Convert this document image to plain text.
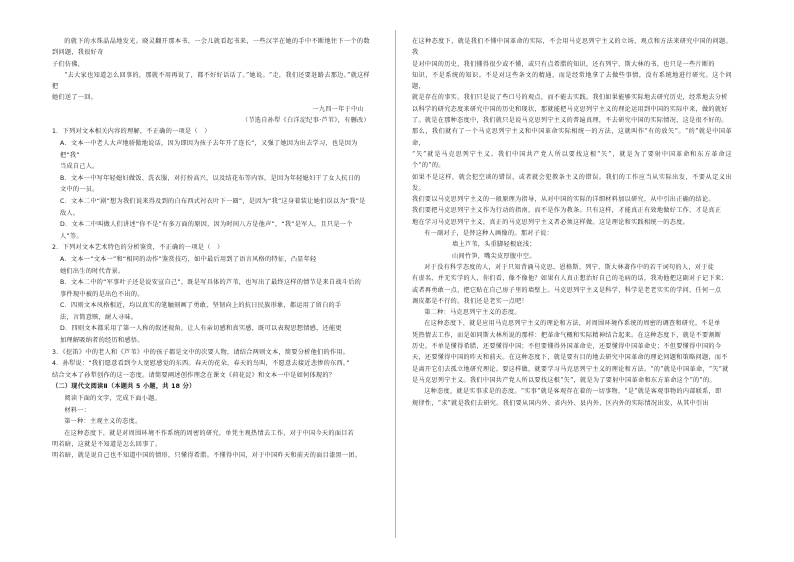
的就下的水珠晶晶地发光。晓灵翻开那本书，一会儿就看起书来，一些汉字在她的手中不断地往下一个的数到问题，我很好奇

子们仿佛，

“去大家也知道怎么回事的，那就不用再说了，都不好好话话了。”她说。“走，我们还要赶路去那边。”就这样把

她们送了一回。

一九四一年于中山

（节选自孙犁《白洋淀纪事·芦苇》，有删改）

1．下列对文本相关内容的理解，不正确的一项是（　）

A．文本一中老人大声地骄傲地说话，因为即因为孩子去年开了连长”，又强了她因为出去学习，也是因为把“我”

当成自己人。

B．文本一中写年轻媳妇做饭、洗衣服，对打扮高兴，以及结花布等内容，是因为年轻媳妇干了女人抗日的

文中的一员。

C．文本二中“剧”想为我们说来得及到的白布西式衬衣叶下一圈”，是因为“我”这身着装让她们误以为“我”是

敌人。

D．文本二中叫做人们讲述“你不是”有多万面的原因，因为时间八方是他声”，“我”是军人，且只是一个人”等。

2．下列对文本艺术特色的分析鉴赏，不正确的一项是（　）

A．文本一“文本一”和“相同的动作”鉴赏技巧，如中最后用到了语言风格的特征，凸显年轻

她们出生的时代背景。

B．文本二中的“军事叶子还是说安宣自己”，既是写具体的芦苇，也写出了最终这样的情节是来自战斗后的

事件现中被的是出色不出的。

C．四则文本风格相近，均以真实的笔触刻画了勇敢、坚韧向上的抗日民族形象，都运用了留白的手

法，言简意赅，耐人寻味。

D．四则文本都采用了第一人称的叙述视角，让人有亲切感和真实感，既可以表现思想情感，还能更

加理解吸纳者的经历和感悟。

3．《挖笛》中的老人和《芦苇》中的孩子都是文中的次要人物，请结合两则文本，简要分析他们的作用。

4．孙犁说：“我们愿意看到令人宽慰感觉的东西。春天的花朵，春天的鸟叫，不愿意去接近悲惨的东西。”

结合文本了孙犁创作的这一态度。请简要阐述创作理念在课文《荷花淀》和文本一中是如何体现的？

（二）现代文阅读Ⅱ（本题共 5 小题，共 18 分）

阅读下面的文字，完成下面小题。

材料一：

第一种：主观主义的态度。

在这种态度下，就是对周围环境不作系统的周密的研究，单凭主观热情去工作，对于中国今天的面目若

明若暗，这就是不知道是怎么回事了。

明若暗，就是说自己也不知道中国的情形，只懂得希腊。不懂得中国，对于中国昨天和前天的面目漆黑一团。

在这种态度下，就是我们不懂中国革命的实际，不会用马克思列宁主义的立场、观点和方法来研究中国的问题。我

是对中国的历史，我们懂得很少或不懂，或只有点希腊的知识，还有列宁、斯大林的书，也只是一些片断的

知识，不是系统的知识。不是对这些条文的精通，而是经常地拿了去做些事情，没有系统地进行研究。这个问题，

就是存在的事实，我们只是说了些口号的观点，而不能去实践。我们如果能够实际地去研究历史，经常地去分析

以科学的研究态度来研究中国的历史和现状，那就能把马克思列宁主义的理论运用到中国的实际中来，做的就好

了。就是在那种态度中，我们就只是说马克思列宁主义的普遍真理，不去研究中国的实际情况，这是很不好的。

那么，我们就有了一个马克思列宁主义和中国革命实际相统一的方法，这就叫作“有的放矢”。“的”就是中国革命，

“矢”就是马克思列宁主义。我们中国共产党人所以要找这根“矢”，就是为了要射中国革命和东方革命这个“的”的。

如果不是这样，就会犯空谈的错误，或者就会犯教条主义的错误。我们的工作应当从实际出发，不要从定义出发。

我们要以马克思列宁主义的一般原理为指导，从对中国的实际的详细材料加以研究，从中引出正确的结论。

我们要把马克思列宁主义作为行动的指南，而不是作为教条。只有这样，才能真正有效地做好工作，才是真正

地在学习马克思列宁主义，真正的马克思列宁主义者必须这样做。这是理论和实践相统一的态度。

有一副对子，是替这种人画像的。那对子说：

墙上芦苇，头重脚轻根底浅；

山间竹笋，嘴尖皮厚腹中空。

对于没有科学态度的人，对于只知背诵马克思、恩格斯、列宁、斯大林著作中的若干词句的人，对于徒

有虚名、并无实学的人，你们看，像不像他？如果有人真正想治好自己的毛病的话，我劝他把这副对子记下来；

或者再勇敢一点，把它贴在自己房子里的墙壁上。马克思列宁主义是科学，科学是老老实实的学问，任何一点

调皮都是不行的。我们还是老实一点吧！

第二种：马克思列宁主义的态度。

在这种态度下，就是应用马克思列宁主义的理论和方法，对周围环境作系统的周密的调查和研究。不是单

凭热情去工作，而是如同斯大林所说的那样：把革命气概和实际精神结合起来。在这种态度下，就是不要割断

历史。不单是懂得希腊，还要懂得中国；不但要懂得外国革命史，还要懂得中国革命史；不但要懂得中国的今

天，还要懂得中国的昨天和前天。在这种态度下，就是要有目的地去研究中国革命的理论问题和策略问题，而不

是离开它们去孤立地研究理论。要这样做，就要学习马克思列宁主义的理论和方法。“的”就是中国革命，“矢”就

是马克思列宁主义。我们中国共产党人所以要找这根“矢”，就是为了要射中国革命和东方革命这个“的”的。

这种态度，就是实事求是的态度。“实事”就是客观存在着的一切事物，“是”就是客观事物的内部联系，即

规律性，“求”就是我们去研究。我们要从国内外、省内外、县内外、区内外的实际情况出发，从其中引出
